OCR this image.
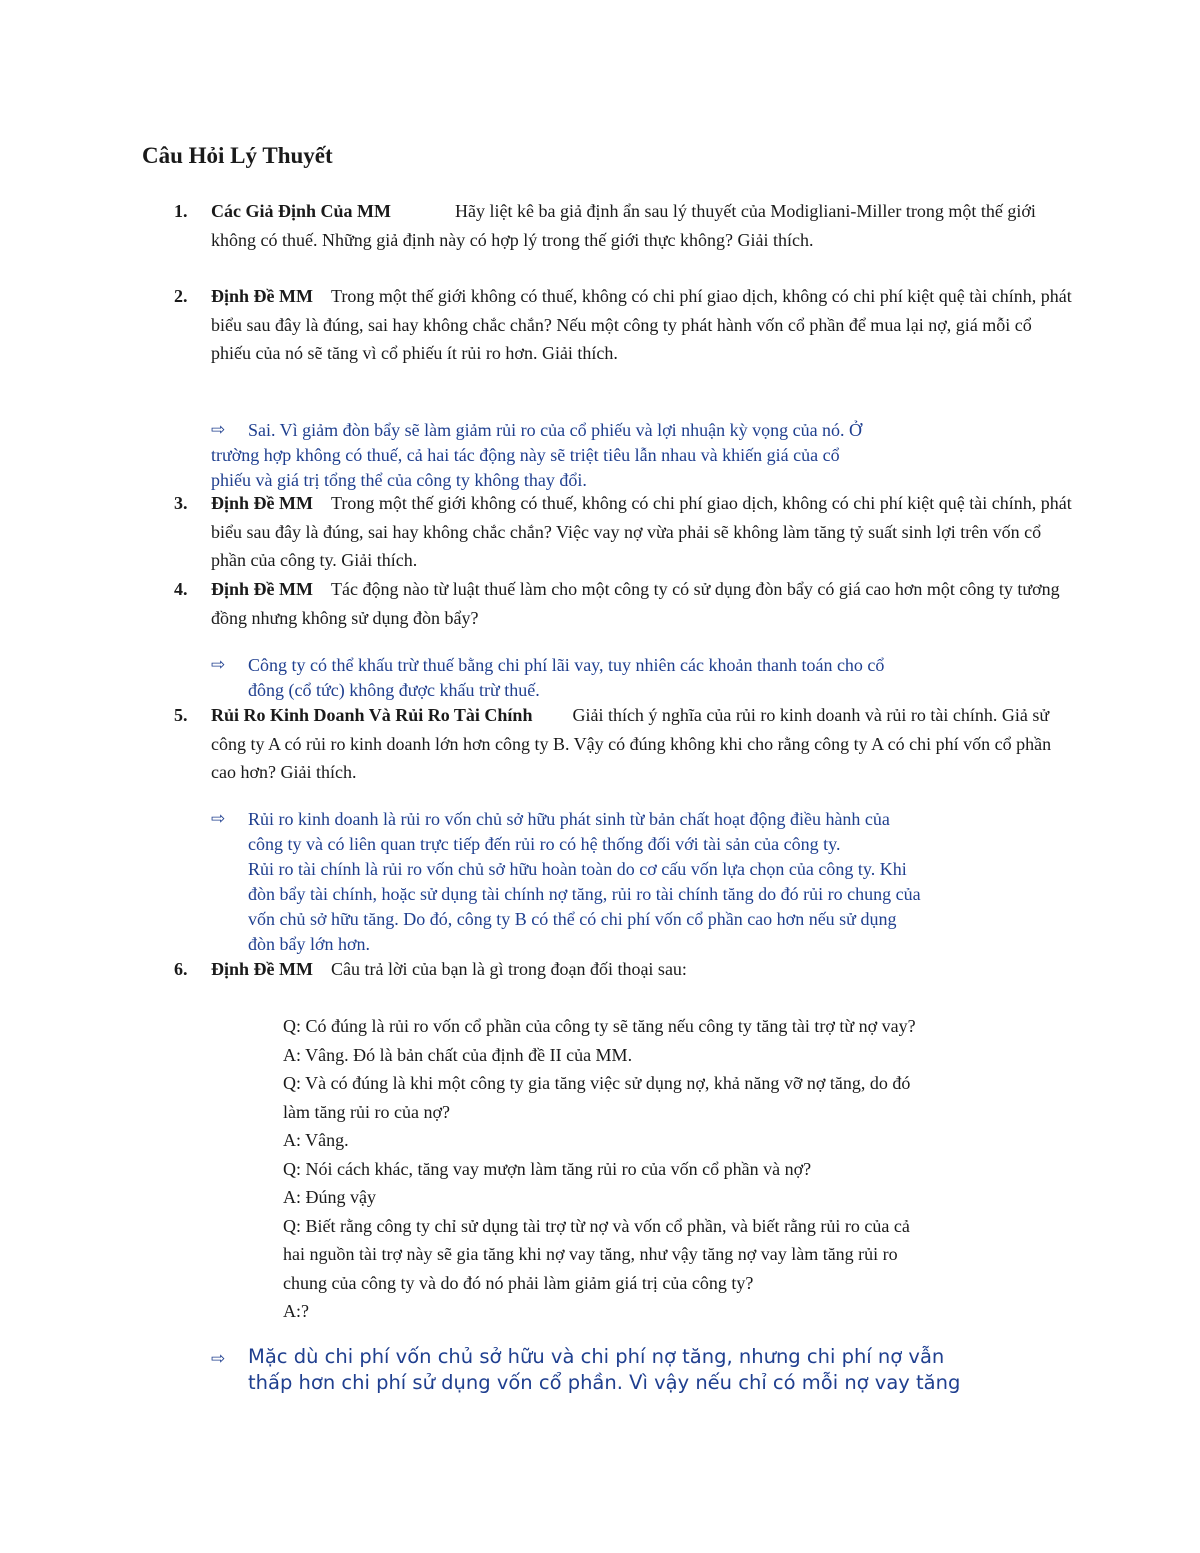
Câu Hỏi Lý Thuyết
1. Các Giả Định Của MM	Hãy liệt kê ba giả định ẩn sau lý thuyết của Modigliani-Miller trong một thế giới không có thuế. Những giả định này có hợp lý trong thế giới thực không? Giải thích.
2. Định Đề MM Trong một thế giới không có thuế, không có chi phí giao dịch, không có chi phí kiệt quệ tài chính, phát biểu sau đây là đúng, sai hay không chắc chắn? Nếu một công ty phát hành vốn cổ phần để mua lại nợ, giá mỗi cổ phiếu của nó sẽ tăng vì cổ phiếu ít rủi ro hơn. Giải thích.
⇨ Sai. Vì giảm đòn bẩy sẽ làm giảm rủi ro của cổ phiếu và lợi nhuận kỳ vọng của nó. Ở
trường hợp không có thuế, cả hai tác động này sẽ triệt tiêu lẫn nhau và khiến giá của cổ
phiếu và giá trị tổng thể của công ty không thay đổi.
3. Định Đề MM Trong một thế giới không có thuế, không có chi phí giao dịch, không có chi phí kiệt quệ tài chính, phát biểu sau đây là đúng, sai hay không chắc chắn? Việc vay nợ vừa phải sẽ không làm tăng tỷ suất sinh lợi trên vốn cổ phần của công ty. Giải thích.
4. Định Đề MM Tác động nào từ luật thuế làm cho một công ty có sử dụng đòn bẩy có giá cao hơn một công ty tương đồng nhưng không sử dụng đòn bẩy?
⇨ Công ty có thể khấu trừ thuế bằng chi phí lãi vay, tuy nhiên các khoản thanh toán cho cổ
đông (cổ tức) không được khấu trừ thuế.
5. Rủi Ro Kinh Doanh Và Rủi Ro Tài Chính Giải thích ý nghĩa của rủi ro kinh doanh và rủi ro tài chính. Giả sử công ty A có rủi ro kinh doanh lớn hơn công ty B. Vậy có đúng không khi cho rằng công ty A có chi phí vốn cổ phần cao hơn? Giải thích.
⇨ Rủi ro kinh doanh là rủi ro vốn chủ sở hữu phát sinh từ bản chất hoạt động điều hành của
công ty và có liên quan trực tiếp đến rủi ro có hệ thống đối với tài sản của công ty.
Rủi ro tài chính là rủi ro vốn chủ sở hữu hoàn toàn do cơ cấu vốn lựa chọn của công ty. Khi
đòn bẩy tài chính, hoặc sử dụng tài chính nợ tăng, rủi ro tài chính tăng do đó rủi ro chung của
vốn chủ sở hữu tăng. Do đó, công ty B có thể có chi phí vốn cổ phần cao hơn nếu sử dụng
đòn bẩy lớn hơn.
6. Định Đề MM Câu trả lời của bạn là gì trong đoạn đối thoại sau:
Q: Có đúng là rủi ro vốn cổ phần của công ty sẽ tăng nếu công ty tăng tài trợ từ nợ vay?
A: Vâng. Đó là bản chất của định đề II của MM.
Q: Và có đúng là khi một công ty gia tăng việc sử dụng nợ, khả năng vỡ nợ tăng, do đó
làm tăng rủi ro của nợ?
A: Vâng.
Q: Nói cách khác, tăng vay mượn làm tăng rủi ro của vốn cổ phần và nợ?
A: Đúng vậy
Q: Biết rằng công ty chỉ sử dụng tài trợ từ nợ và vốn cổ phần, và biết rằng rủi ro của cả
hai nguồn tài trợ này sẽ gia tăng khi nợ vay tăng, như vậy tăng nợ vay làm tăng rủi ro
chung của công ty và do đó nó phải làm giảm giá trị của công ty?
A:?
⇨ Mặc dù chi phí vốn chủ sở hữu và chi phí nợ tăng, nhưng chi phí nợ vẫn
thấp hơn chi phí sử dụng vốn cổ phần. Vì vậy nếu chỉ có mỗi nợ vay tăng
